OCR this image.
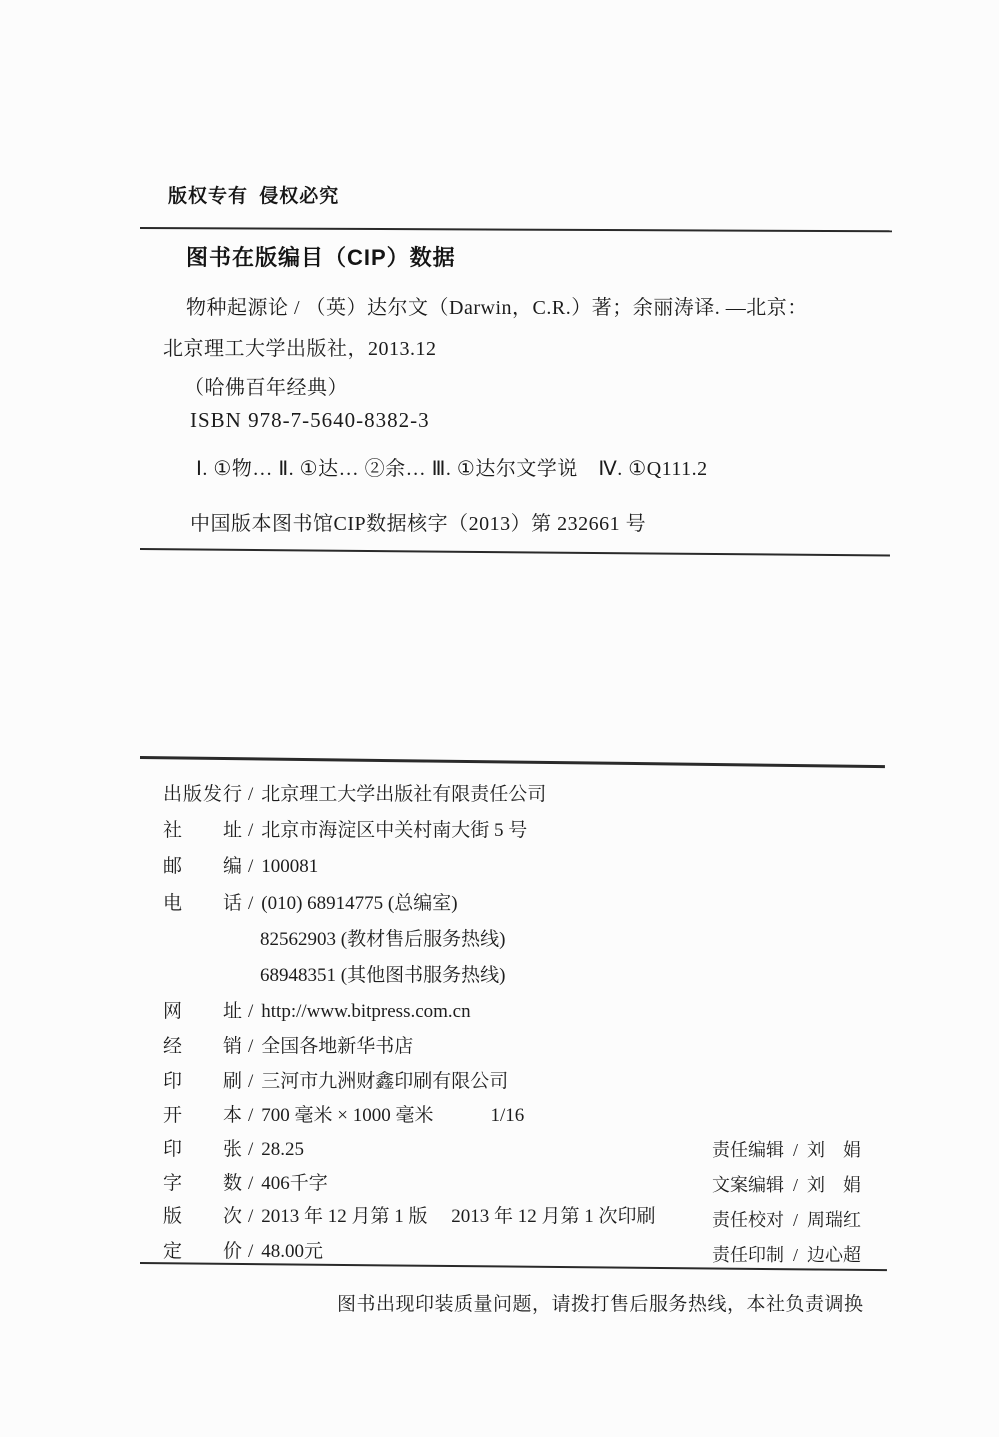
版权专有 侵权必究
图书在版编目（CIP）数据
物种起源论 / （英）达尔文（Darwin，C.R.）著；余丽涛译. —北京：
北京理工大学出版社，2013.12
（哈佛百年经典）
ISBN 978-7-5640-8382-3
Ⅰ. ①物… Ⅱ. ①达… ②余… Ⅲ. ①达尔文学说　Ⅳ. ①Q111.2
中国版本图书馆CIP数据核字（2013）第 232661 号
出版发行 / 北京理工大学出版社有限责任公司
社址 / 北京市海淀区中关村南大街 5 号
邮编 / 100081
电话 / (010) 68914775 (总编室)
82562903 (教材售后服务热线)
68948351 (其他图书服务热线)
网址 / http://www.bitpress.com.cn
经销 / 全国各地新华书店
印刷 / 三河市九洲财鑫印刷有限公司
开本 / 700 毫米 × 1000 毫米　　　1/16
印张 / 28.25
字数 / 406千字
版次 / 2013 年 12 月第 1 版　 2013 年 12 月第 1 次印刷
定价 / 48.00元
责任编辑 / 刘　娟
文案编辑 / 刘　娟
责任校对 / 周瑞红
责任印制 / 边心超
图书出现印装质量问题，请拨打售后服务热线，本社负责调换
